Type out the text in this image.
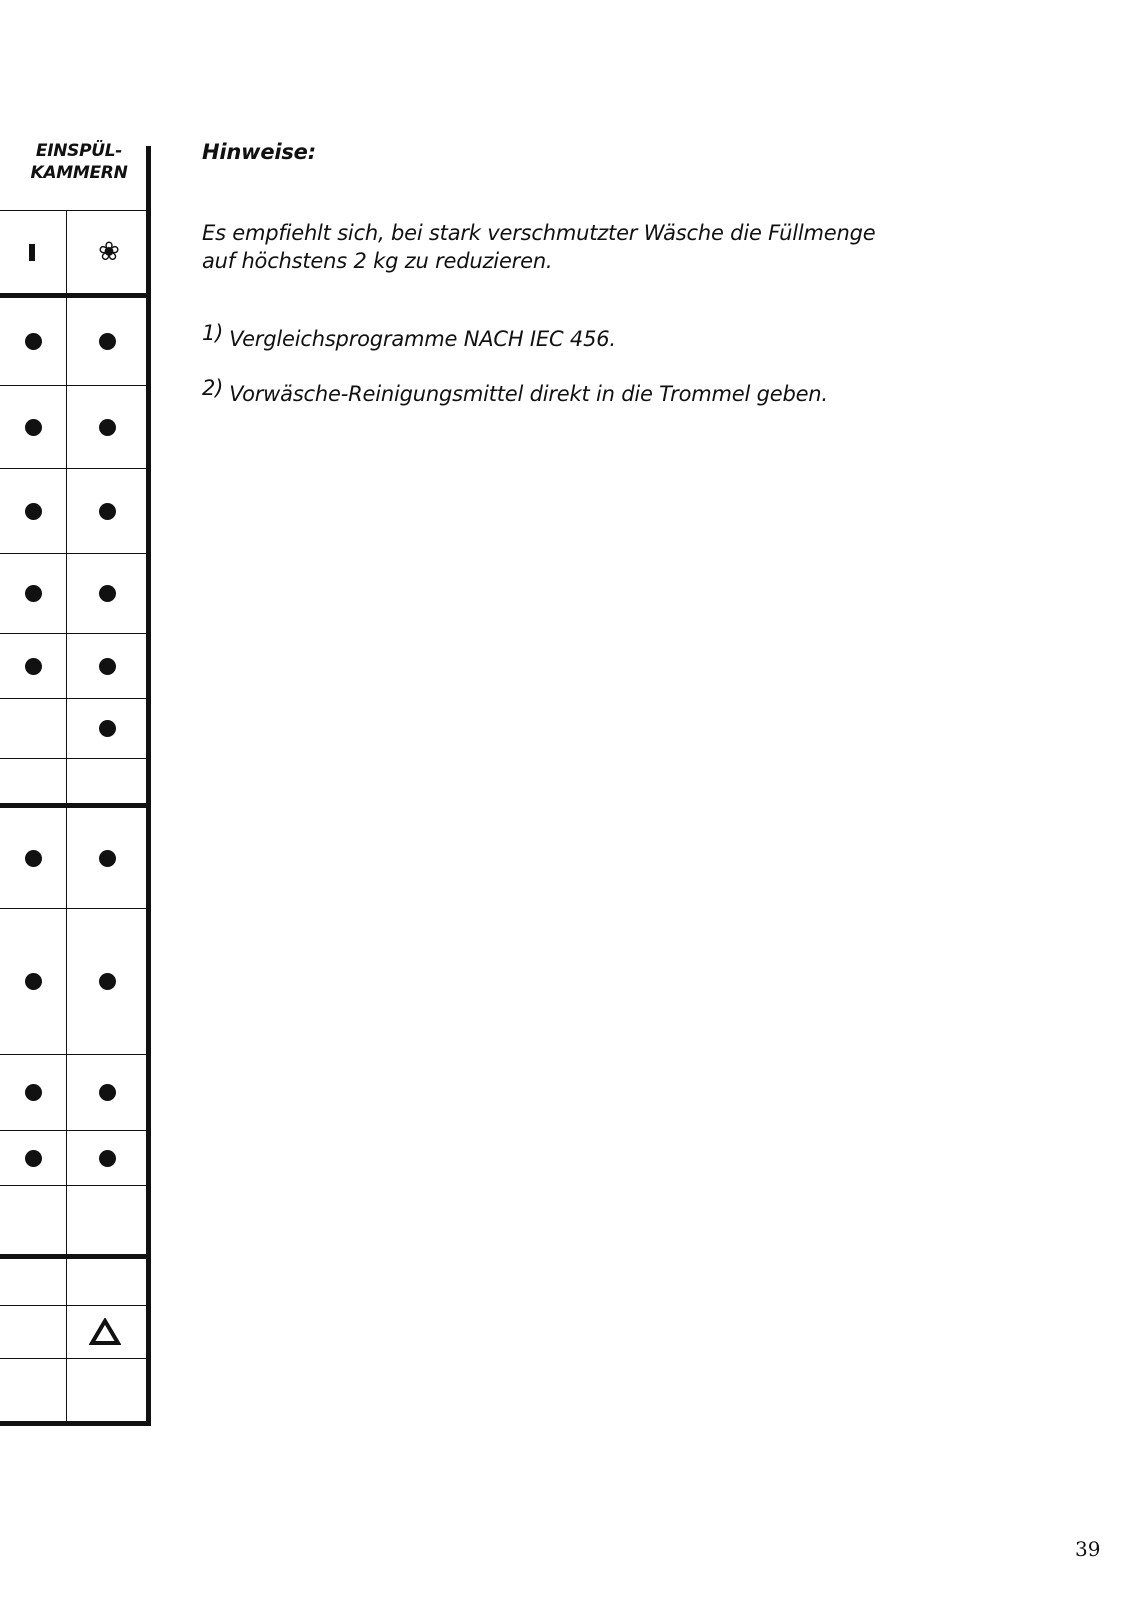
EINSPÜL-
KAMMERN
❀
Hinweise:
Es empfiehlt sich, bei stark verschmutzter Wäsche die Füllmenge
auf höchstens 2 kg zu reduzieren.
1) Vergleichsprogramme NACH IEC 456.
2) Vorwäsche-Reinigungsmittel direkt in die Trommel geben.
39
